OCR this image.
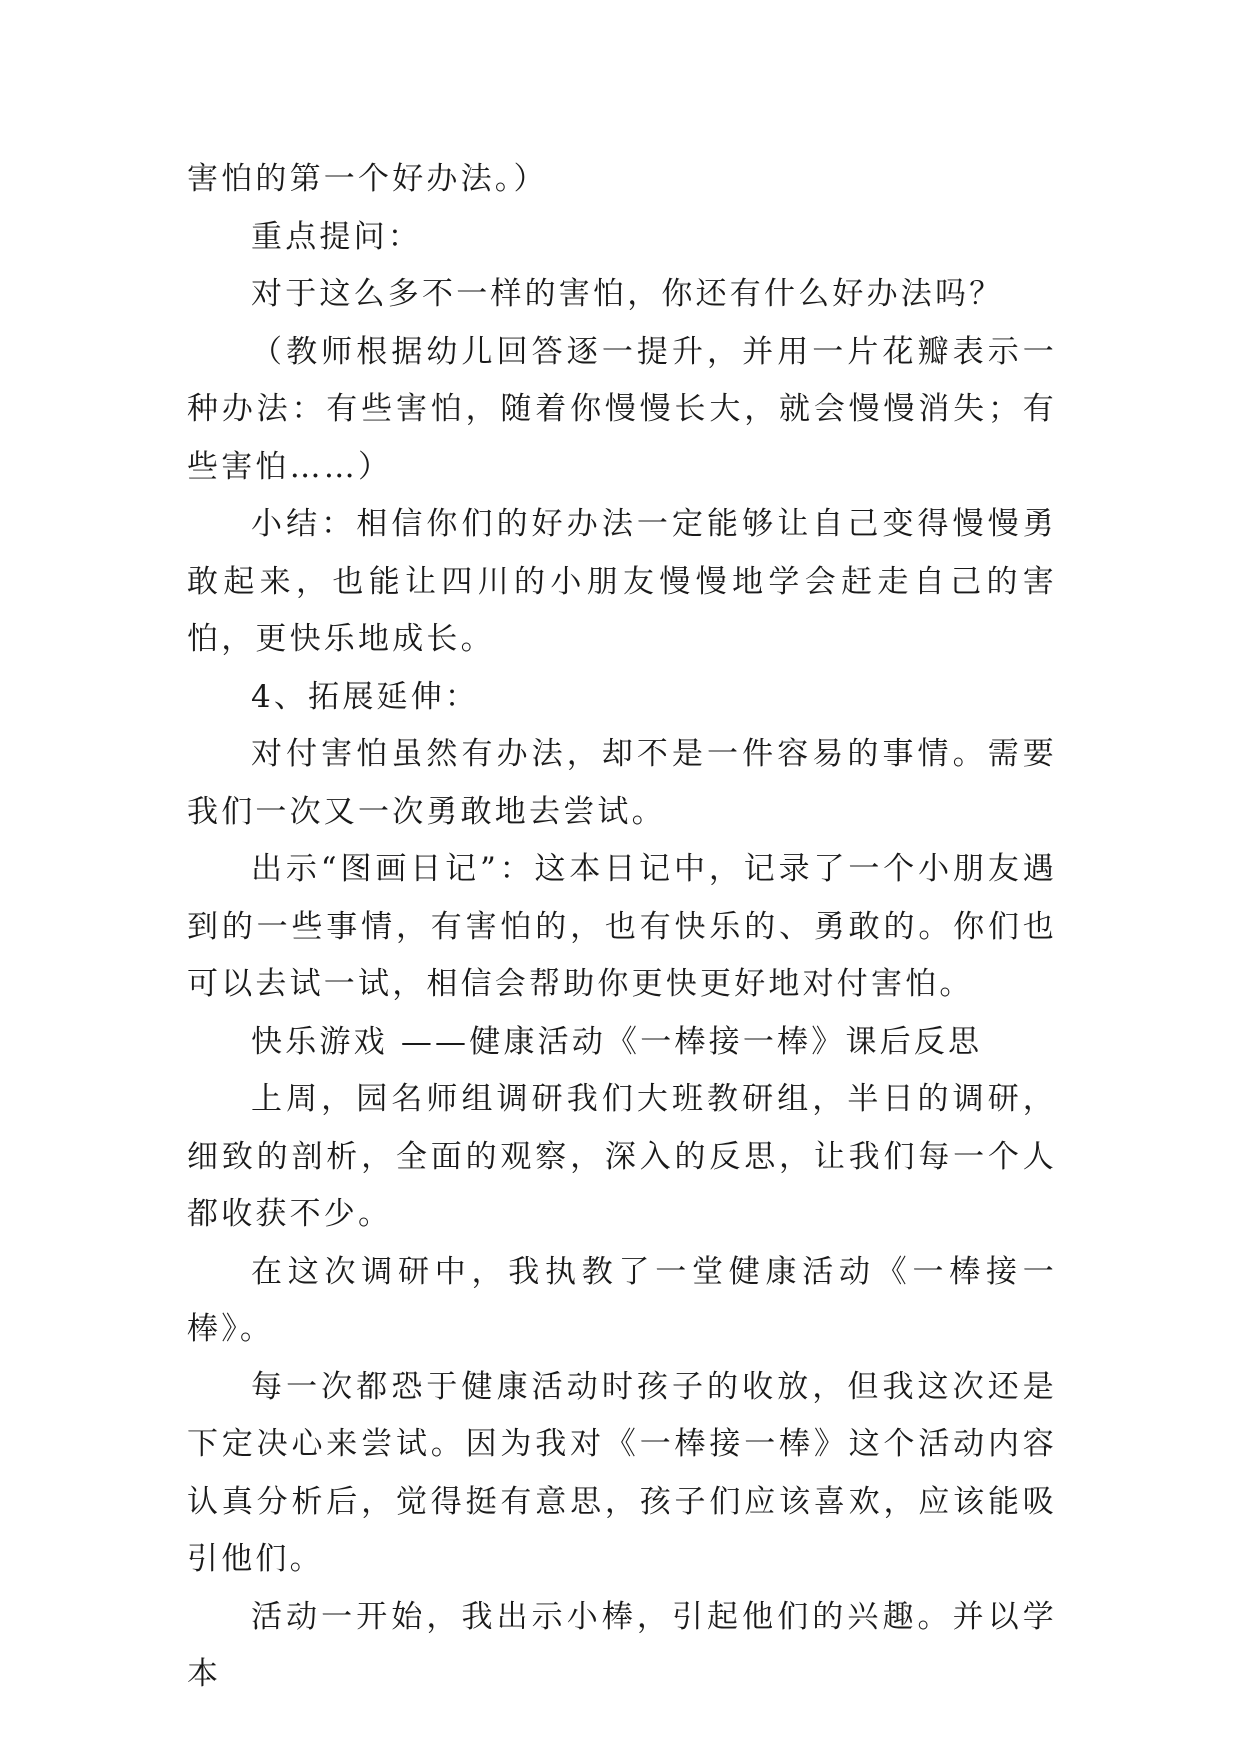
害怕的第一个好办法。）

重点提问：

对于这么多不一样的害怕，你还有什么好办法吗？

（教师根据幼儿回答逐一提升，并用一片花瓣表示一种办法：有些害怕，随着你慢慢长大，就会慢慢消失；有些害怕……）

小结：相信你们的好办法一定能够让自己变得慢慢勇敢起来，也能让四川的小朋友慢慢地学会赶走自己的害怕，更快乐地成长。

4、拓展延伸：

对付害怕虽然有办法，却不是一件容易的事情。需要我们一次又一次勇敢地去尝试。

出示“图画日记”：这本日记中，记录了一个小朋友遇到的一些事情，有害怕的，也有快乐的、勇敢的。你们也可以去试一试，相信会帮助你更快更好地对付害怕。

快乐游戏 ——健康活动《一棒接一棒》课后反思

上周，园名师组调研我们大班教研组，半日的调研，细致的剖析，全面的观察，深入的反思，让我们每一个人都收获不少。

在这次调研中，我执教了一堂健康活动《一棒接一棒》。

每一次都恐于健康活动时孩子的收放，但我这次还是下定决心来尝试。因为我对《一棒接一棒》这个活动内容认真分析后，觉得挺有意思，孩子们应该喜欢，应该能吸引他们。

活动一开始，我出示小棒，引起他们的兴趣。并以学本
